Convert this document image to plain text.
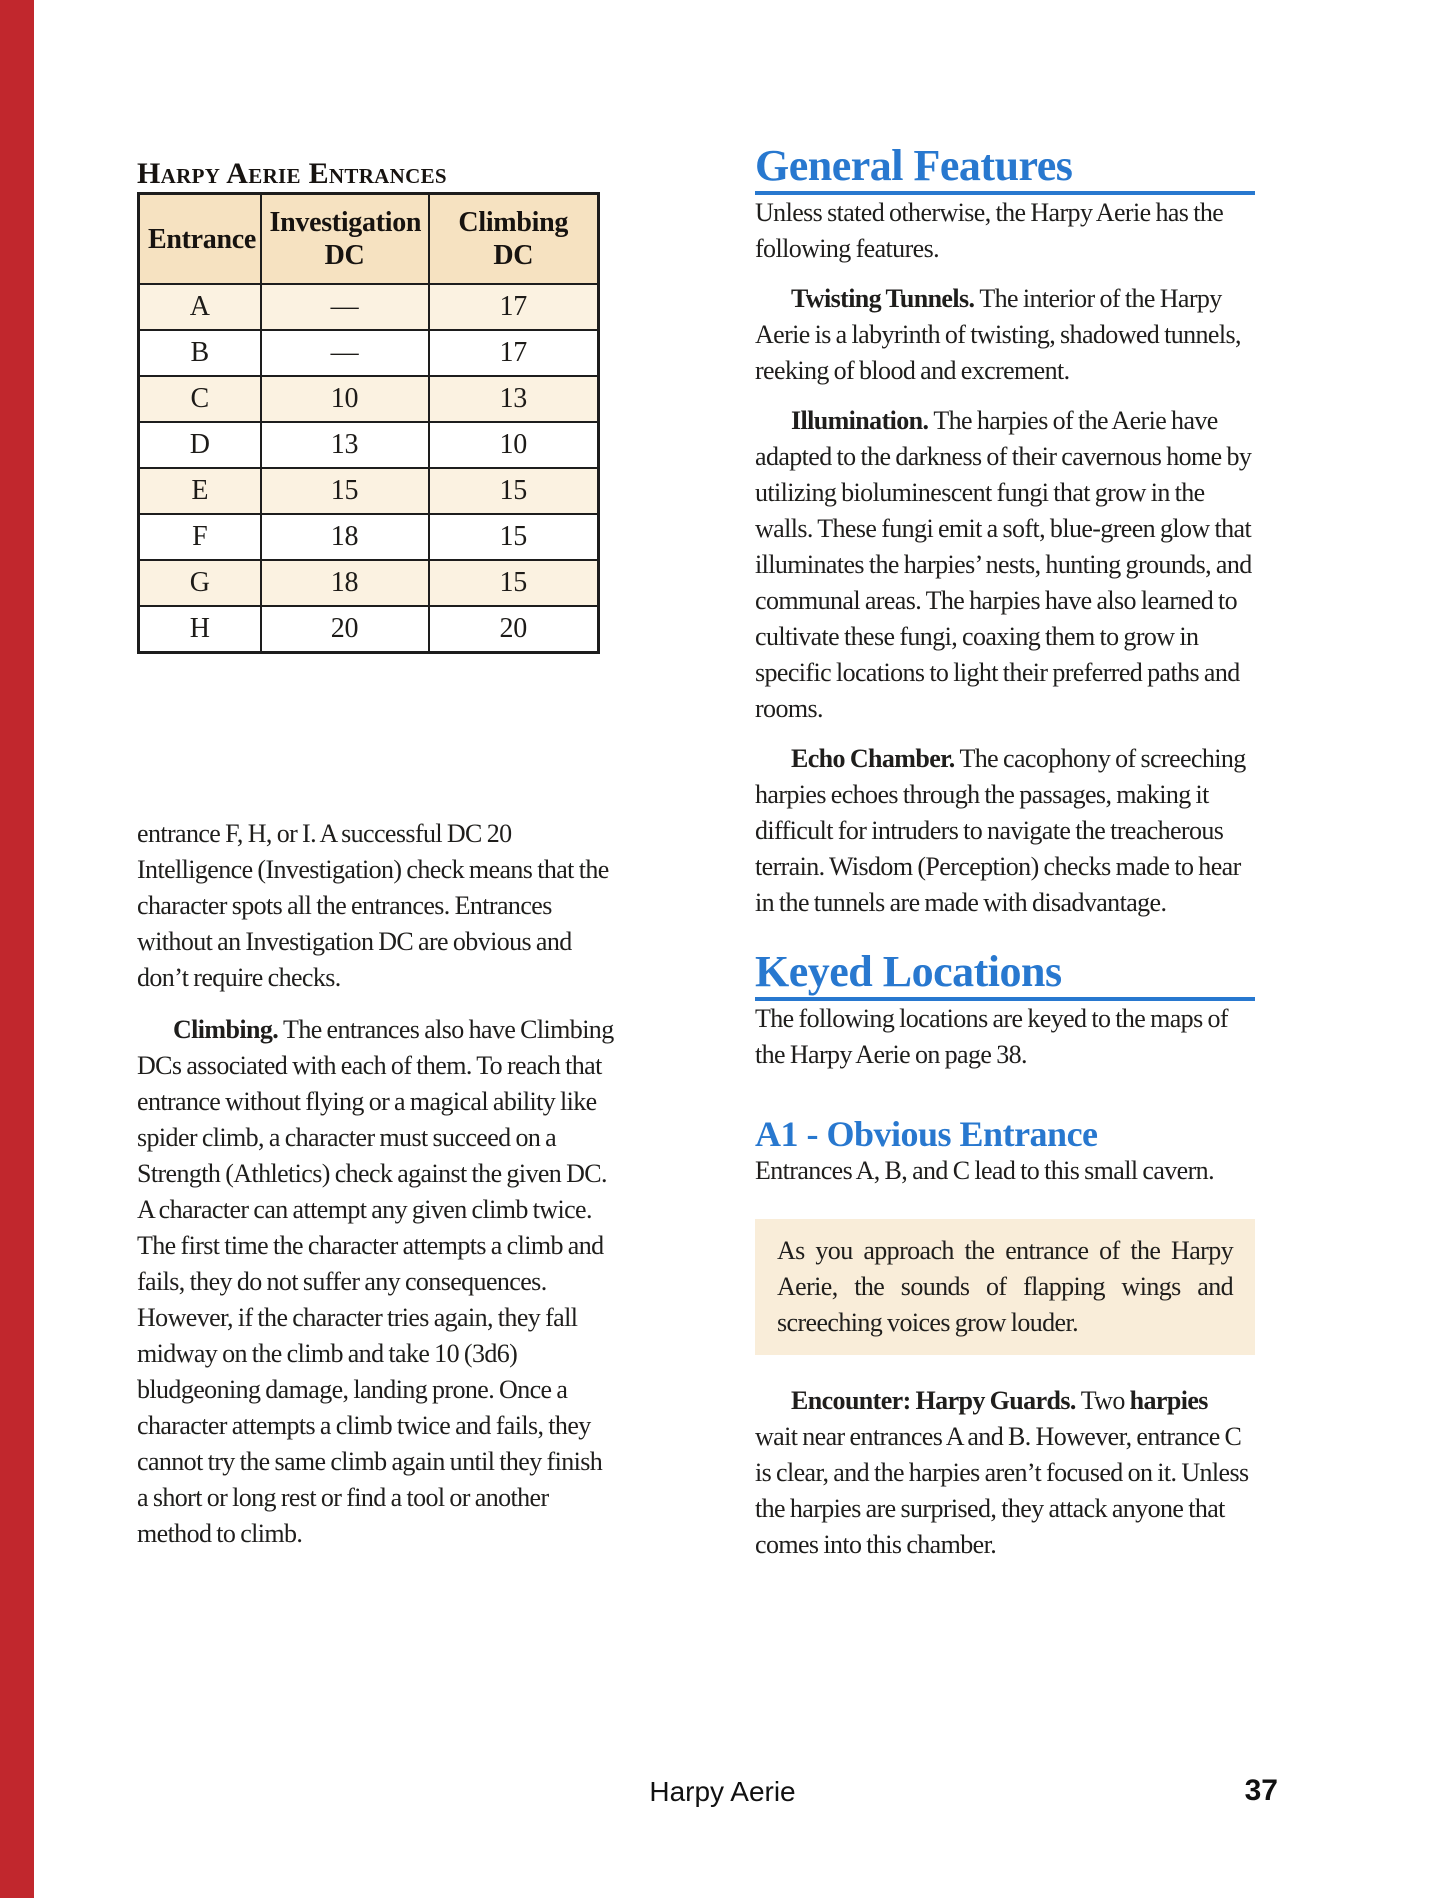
Harpy Aerie Entrances
Entrance	Investigation DC	Climbing DC
A	—	17
B	—	17
C	10	13
D	13	10
E	15	15
F	18	15
G	18	15
H	20	20

entrance F, H, or I. A successful DC 20 Intelligence (Investigation) check means that the character spots all the entrances. Entrances without an Investigation DC are obvious and don’t require checks.

Climbing. The entrances also have Climbing DCs associated with each of them. To reach that entrance without flying or a magical ability like spider climb, a character must succeed on a Strength (Athletics) check against the given DC. A character can attempt any given climb twice. The first time the character attempts a climb and fails, they do not suffer any consequences. However, if the character tries again, they fall midway on the climb and take 10 (3d6) bludgeoning damage, landing prone. Once a character attempts a climb twice and fails, they cannot try the same climb again until they finish a short or long rest or find a tool or another method to climb.

General Features

Unless stated otherwise, the Harpy Aerie has the following features.

Twisting Tunnels. The interior of the Harpy Aerie is a labyrinth of twisting, shadowed tunnels, reeking of blood and excrement.

Illumination. The harpies of the Aerie have adapted to the darkness of their cavernous home by utilizing bioluminescent fungi that grow in the walls. These fungi emit a soft, blue-green glow that illuminates the harpies’ nests, hunting grounds, and communal areas. The harpies have also learned to cultivate these fungi, coaxing them to grow in specific locations to light their preferred paths and rooms.

Echo Chamber. The cacophony of screeching harpies echoes through the passages, making it difficult for intruders to navigate the treacherous terrain. Wisdom (Perception) checks made to hear in the tunnels are made with disadvantage.

Keyed Locations

The following locations are keyed to the maps of the Harpy Aerie on page 38.

A1 - Obvious Entrance

Entrances A, B, and C lead to this small cavern.

As you approach the entrance of the Harpy Aerie, the sounds of flapping wings and screeching voices grow louder.

Encounter: Harpy Guards. Two harpies wait near entrances A and B. However, entrance C is clear, and the harpies aren’t focused on it. Unless the harpies are surprised, they attack anyone that comes into this chamber.

Harpy Aerie	37
